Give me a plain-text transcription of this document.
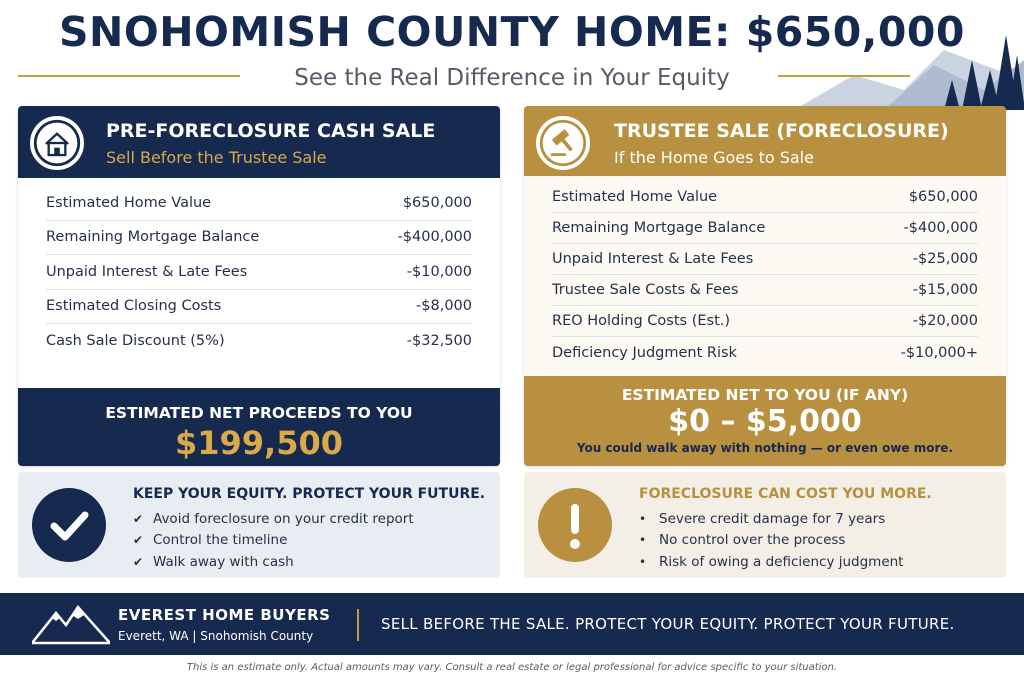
SNOHOMISH COUNTY HOME: $650,000
See the Real Difference in Your Equity
PRE-FORECLOSURE CASH SALE
Sell Before the Trustee Sale
Estimated Home Value	$650,000
Remaining Mortgage Balance	-$400,000
Unpaid Interest & Late Fees	-$10,000
Estimated Closing Costs	-$8,000
Cash Sale Discount (5%)	-$32,500
ESTIMATED NET PROCEEDS TO YOU
$199,500
TRUSTEE SALE (FORECLOSURE)
If the Home Goes to Sale
Estimated Home Value	$650,000
Remaining Mortgage Balance	-$400,000
Unpaid Interest & Late Fees	-$25,000
Trustee Sale Costs & Fees	-$15,000
REO Holding Costs (Est.)	-$20,000
Deficiency Judgment Risk	-$10,000+
ESTIMATED NET TO YOU (IF ANY)
$0 – $5,000
You could walk away with nothing — or even owe more.
KEEP YOUR EQUITY. PROTECT YOUR FUTURE.
✔ Avoid foreclosure on your credit report
✔ Control the timeline
✔ Walk away with cash
FORECLOSURE CAN COST YOU MORE.
• Severe credit damage for 7 years
• No control over the process
• Risk of owing a deficiency judgment
EVEREST HOME BUYERS
Everett, WA | Snohomish County
SELL BEFORE THE SALE. PROTECT YOUR EQUITY. PROTECT YOUR FUTURE.
This is an estimate only. Actual amounts may vary. Consult a real estate or legal professional for advice specific to your situation.
